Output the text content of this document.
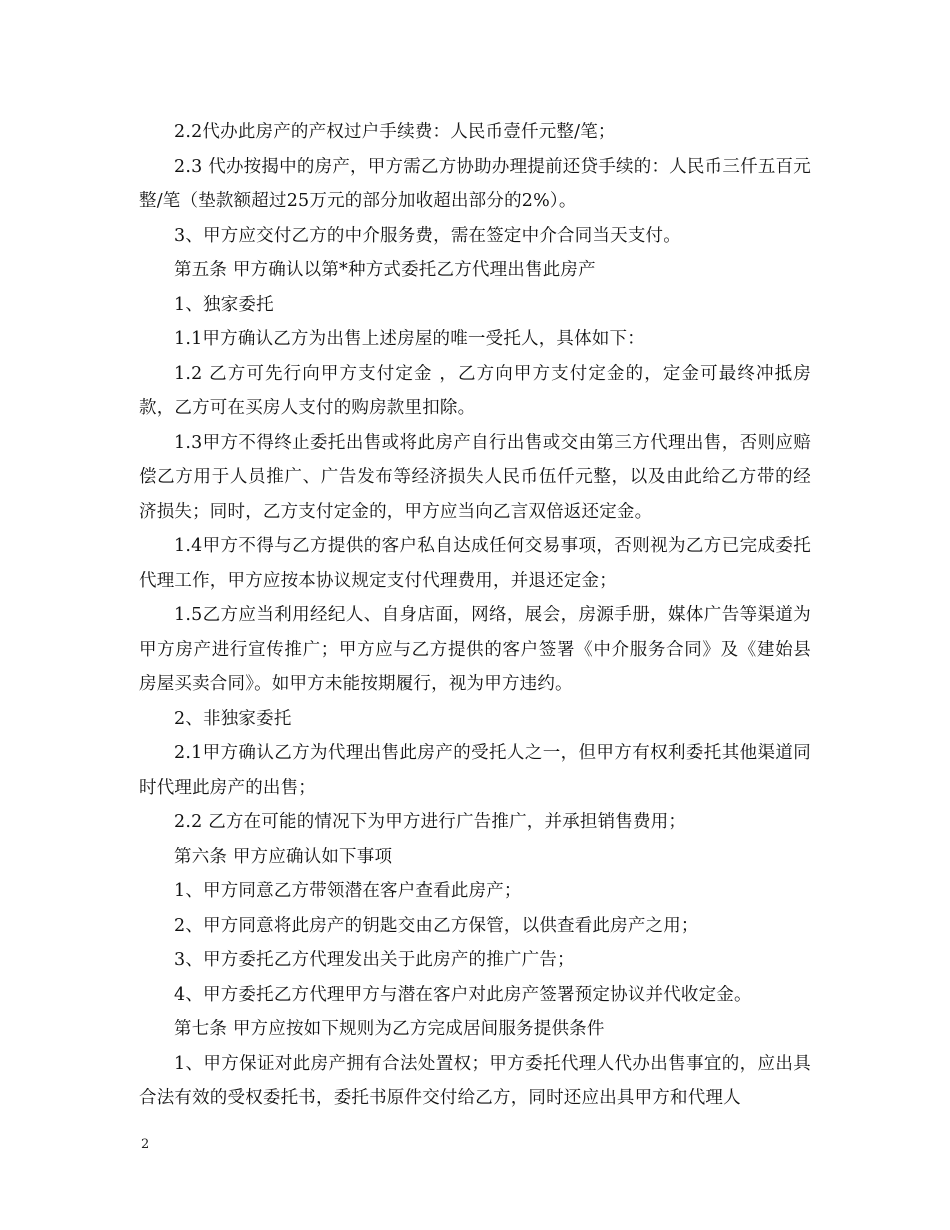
2.2代办此房产的产权过户手续费：人民币壹仟元整/笔；

2.3 代办按揭中的房产，甲方需乙方协助办理提前还贷手续的：人民币三仟五百元整/笔（垫款额超过25万元的部分加收超出部分的2%）。

3、甲方应交付乙方的中介服务费，需在签定中介合同当天支付。

第五条 甲方确认以第*种方式委托乙方代理出售此房产

1、独家委托

1.1甲方确认乙方为出售上述房屋的唯一受托人，具体如下：

1.2 乙方可先行向甲方支付定金 ，乙方向甲方支付定金的，定金可最终冲抵房款，乙方可在买房人支付的购房款里扣除。

1.3甲方不得终止委托出售或将此房产自行出售或交由第三方代理出售，否则应赔偿乙方用于人员推广、广告发布等经济损失人民币伍仟元整，以及由此给乙方带的经济损失；同时，乙方支付定金的，甲方应当向乙言双倍返还定金。

1.4甲方不得与乙方提供的客户私自达成任何交易事项，否则视为乙方已完成委托代理工作，甲方应按本协议规定支付代理费用，并退还定金；

1.5乙方应当利用经纪人、自身店面，网络，展会，房源手册，媒体广告等渠道为甲方房产进行宣传推广；甲方应与乙方提供的客户签署《中介服务合同》及《建始县房屋买卖合同》。如甲方未能按期履行，视为甲方违约。

2、非独家委托

2.1甲方确认乙方为代理出售此房产的受托人之一，但甲方有权利委托其他渠道同时代理此房产的出售；

2.2 乙方在可能的情况下为甲方进行广告推广，并承担销售费用；

第六条 甲方应确认如下事项

1、甲方同意乙方带领潜在客户查看此房产；

2、甲方同意将此房产的钥匙交由乙方保管，以供查看此房产之用；

3、甲方委托乙方代理发出关于此房产的推广广告；

4、甲方委托乙方代理甲方与潜在客户对此房产签署预定协议并代收定金。

第七条 甲方应按如下规则为乙方完成居间服务提供条件

1、甲方保证对此房产拥有合法处置权；甲方委托代理人代办出售事宜的，应出具合法有效的受权委托书，委托书原件交付给乙方，同时还应出具甲方和代理人

2
